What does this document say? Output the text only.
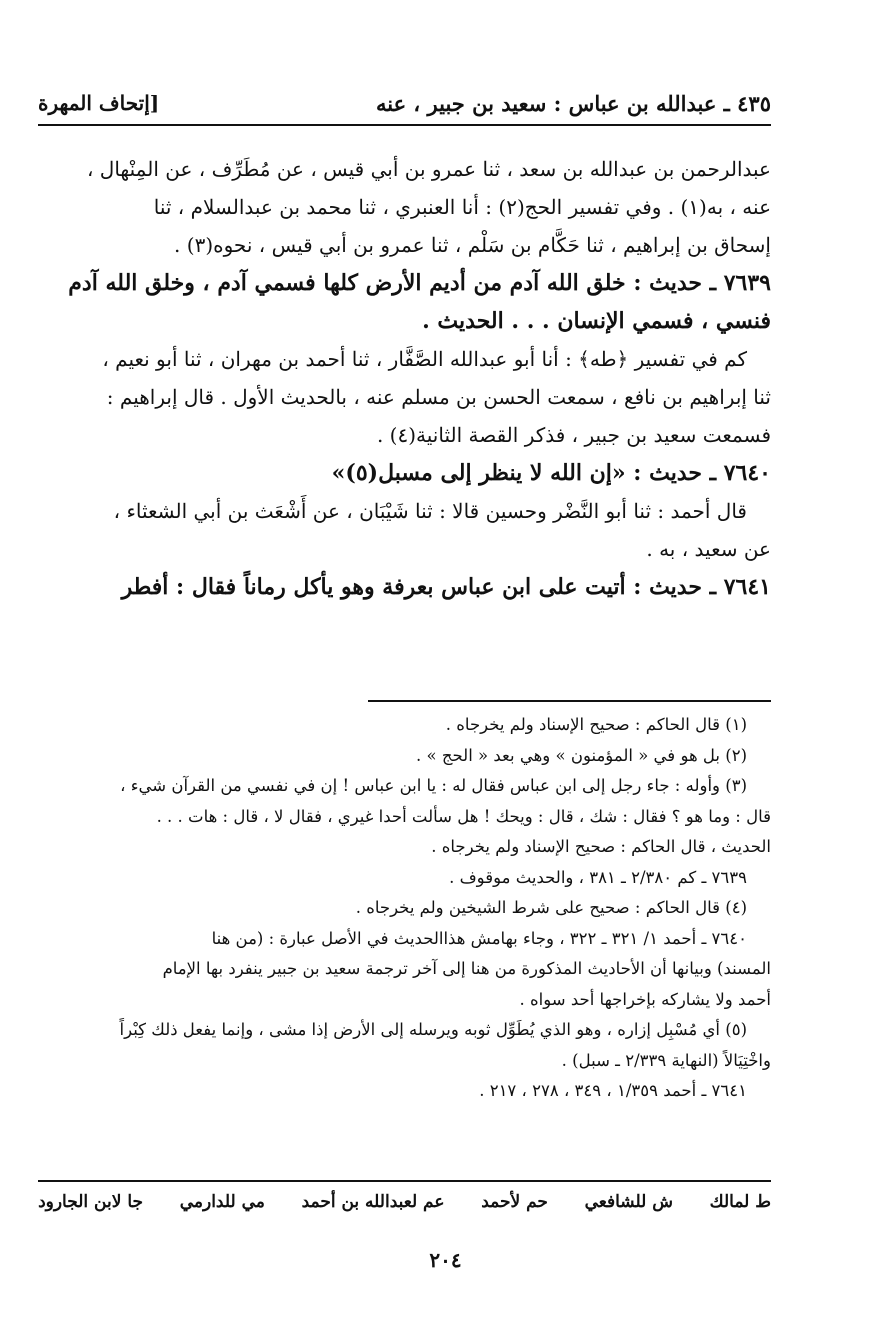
٤٣٥ ـ عبدالله بن عباس : سعيد بن جبير ، عنه
[إتحاف المهرة
عبدالرحمن بن عبدالله بن سعد ، ثنا عمرو بن أبي قيس ، عن مُطَرِّف ، عن المِنْهال ،
عنه ، به(١) . وفي تفسير الحج(٢) : أنا العنبري ، ثنا محمد بن عبدالسلام ، ثنا
إسحاق بن إبراهيم ، ثنا حَكَّام بن سَلْم ، ثنا عمرو بن أبي قيس ، نحوه(٣) .
٧٦٣٩ ـ حديث : خلق الله آدم من أديم الأرض كلها فسمي آدم ، وخلق الله آدم
فنسي ، فسمي الإنسان . . . الحديث .
كم في تفسير ﴿طه﴾ : أنا أبو عبدالله الصَّفَّار ، ثنا أحمد بن مهران ، ثنا أبو نعيم ،
ثنا إبراهيم بن نافع ، سمعت الحسن بن مسلم عنه ، بالحديث الأول . قال إبراهيم :
فسمعت سعيد بن جبير ، فذكر القصة الثانية(٤) .
٧٦٤٠ ـ حديث : «إن الله لا ينظر إلى مسبل(٥)»
قال أحمد : ثنا أبو النَّضْر وحسين قالا : ثنا شَيْبَان ، عن أَشْعَث بن أبي الشعثاء ،
عن سعيد ، به .
٧٦٤١ ـ حديث : أتيت على ابن عباس بعرفة وهو يأكل رماناً فقال : أفطر
(١) قال الحاكم : صحيح الإسناد ولم يخرجاه .
(٢) بل هو في « المؤمنون » وهي بعد « الحج » .
(٣) وأوله : جاء رجل إلى ابن عباس فقال له : يا ابن عباس ! إن في نفسي من القرآن شيء ،
قال : وما هو ؟ فقال : شك ، قال : ويحك ! هل سألت أحدا غيري ، فقال لا ، قال : هات . . .
الحديث ، قال الحاكم : صحيح الإسناد ولم يخرجاه .
٧٦٣٩ ـ كم ٢/٣٨٠ ـ ٣٨١ ، والحديث موقوف .
(٤) قال الحاكم : صحيح على شرط الشيخين ولم يخرجاه .
٧٦٤٠ ـ أحمد ١/ ٣٢١ ـ ٣٢٢ ، وجاء بهامش هذاالحديث في الأصل عبارة : (من هنا
المسند) وبيانها أن الأحاديث المذكورة من هنا إلى آخر ترجمة سعيد بن جبير ينفرد بها الإمام
أحمد ولا يشاركه بإخراجها أحد سواه .
(٥) أي مُسْبِل إزاره ، وهو الذي يُطَوِّل ثوبه ويرسله إلى الأرض إذا مشى ، وإنما يفعل ذلك كِبْراً
واخْتِيَالاً (النهاية ٢/٣٣٩ ـ سبل) .
٧٦٤١ ـ أحمد ١/٣٥٩ ، ٣٤٩ ، ٢٧٨ ، ٢١٧ .
ط لمالك
ش للشافعي
حم لأحمد
عم لعبدالله بن أحمد
مي للدارمي
جا لابن الجارود
٢٠٤
